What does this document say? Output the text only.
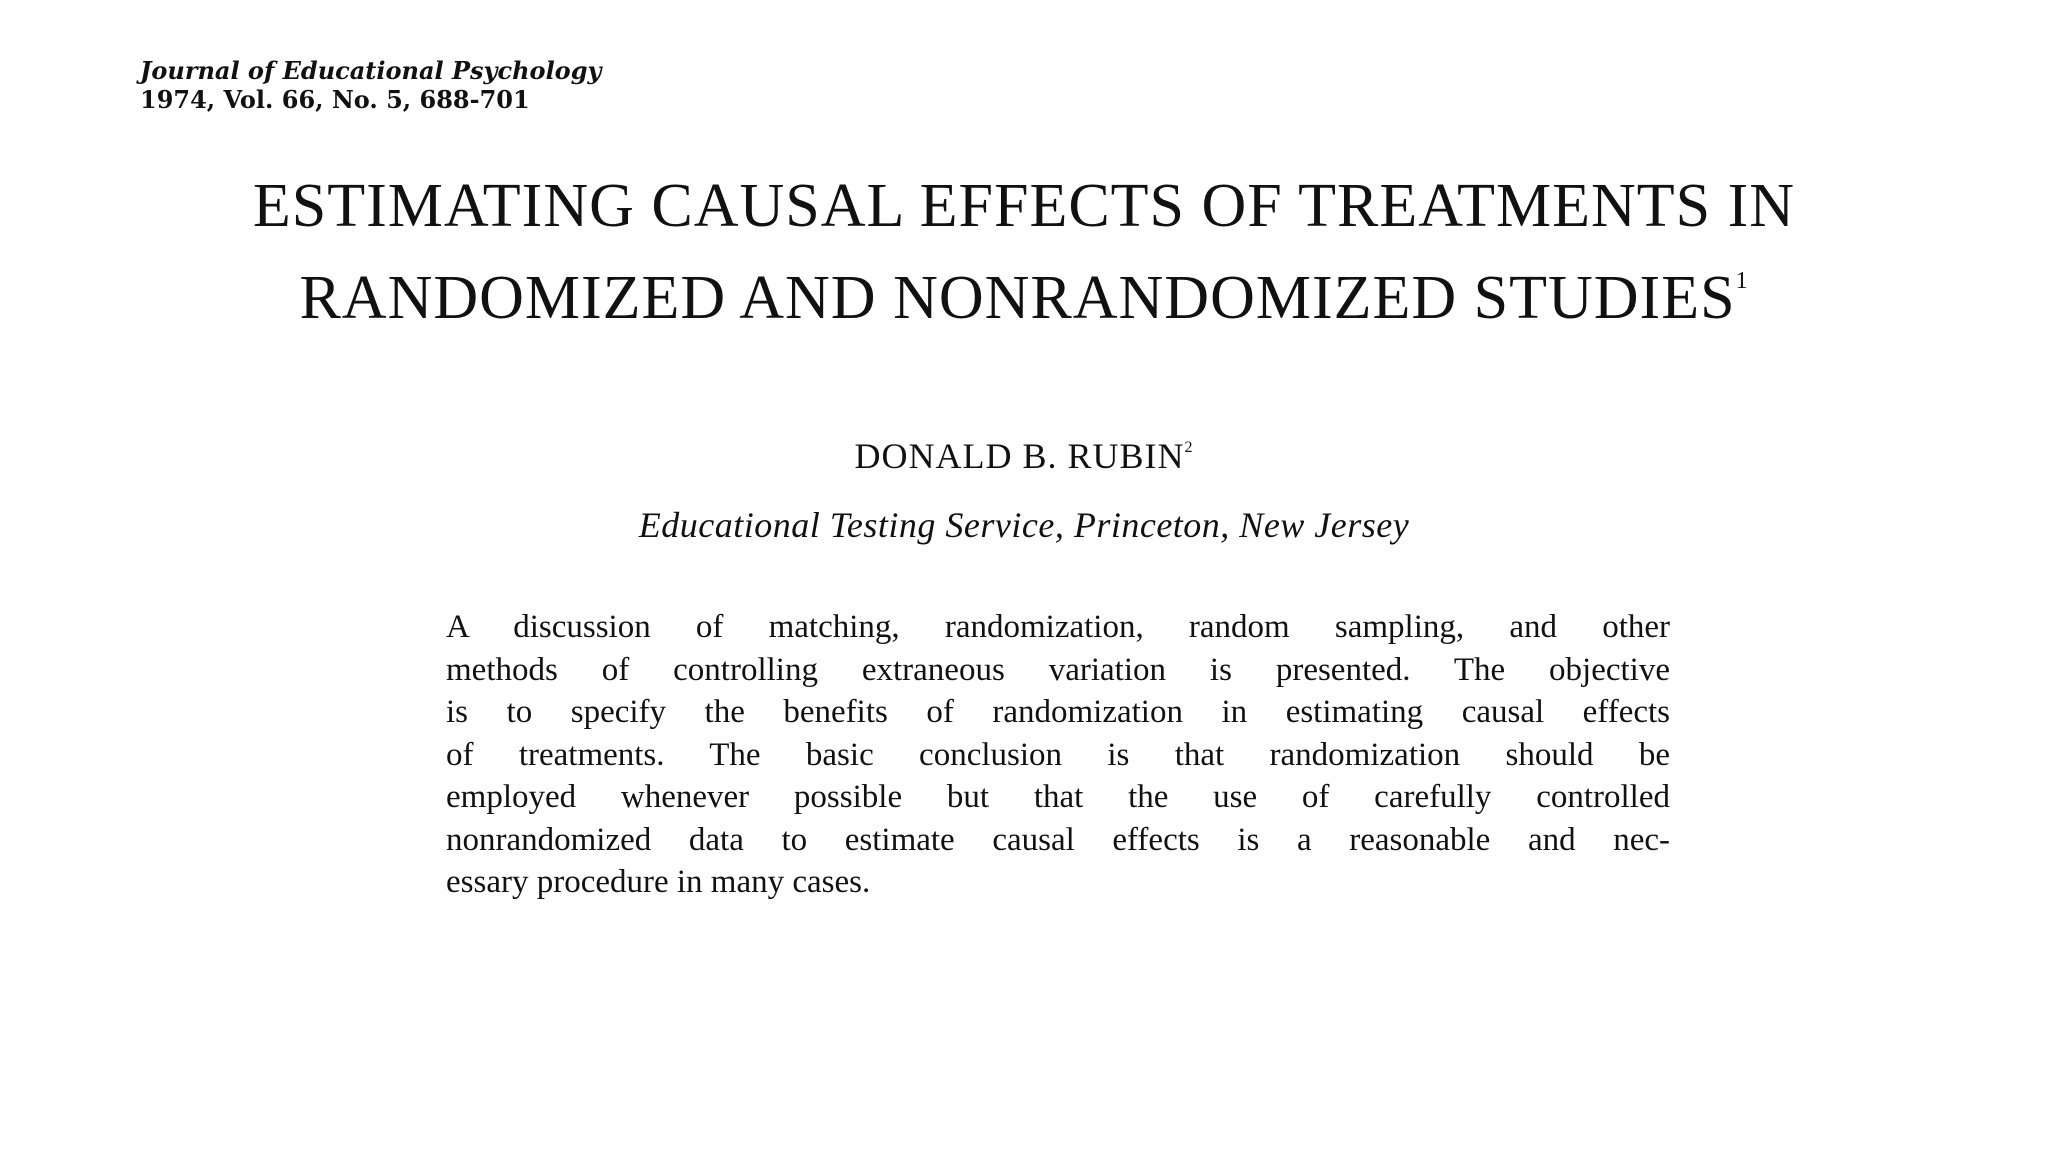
Journal of Educational Psychology
1974, Vol. 66, No. 5, 688-701
ESTIMATING CAUSAL EFFECTS OF TREATMENTS IN
RANDOMIZED AND NONRANDOMIZED STUDIES$^1$
DONALD B. RUBIN$^2$
Educational Testing Service, Princeton, New Jersey
A discussion of matching, randomization, random sampling, and other
methods of controlling extraneous variation is presented. The objective
is to specify the benefits of randomization in estimating causal effects
of treatments. The basic conclusion is that randomization should be
employed whenever possible but that the use of carefully controlled
nonrandomized data to estimate causal effects is a reasonable and nec-
essary procedure in many cases.
